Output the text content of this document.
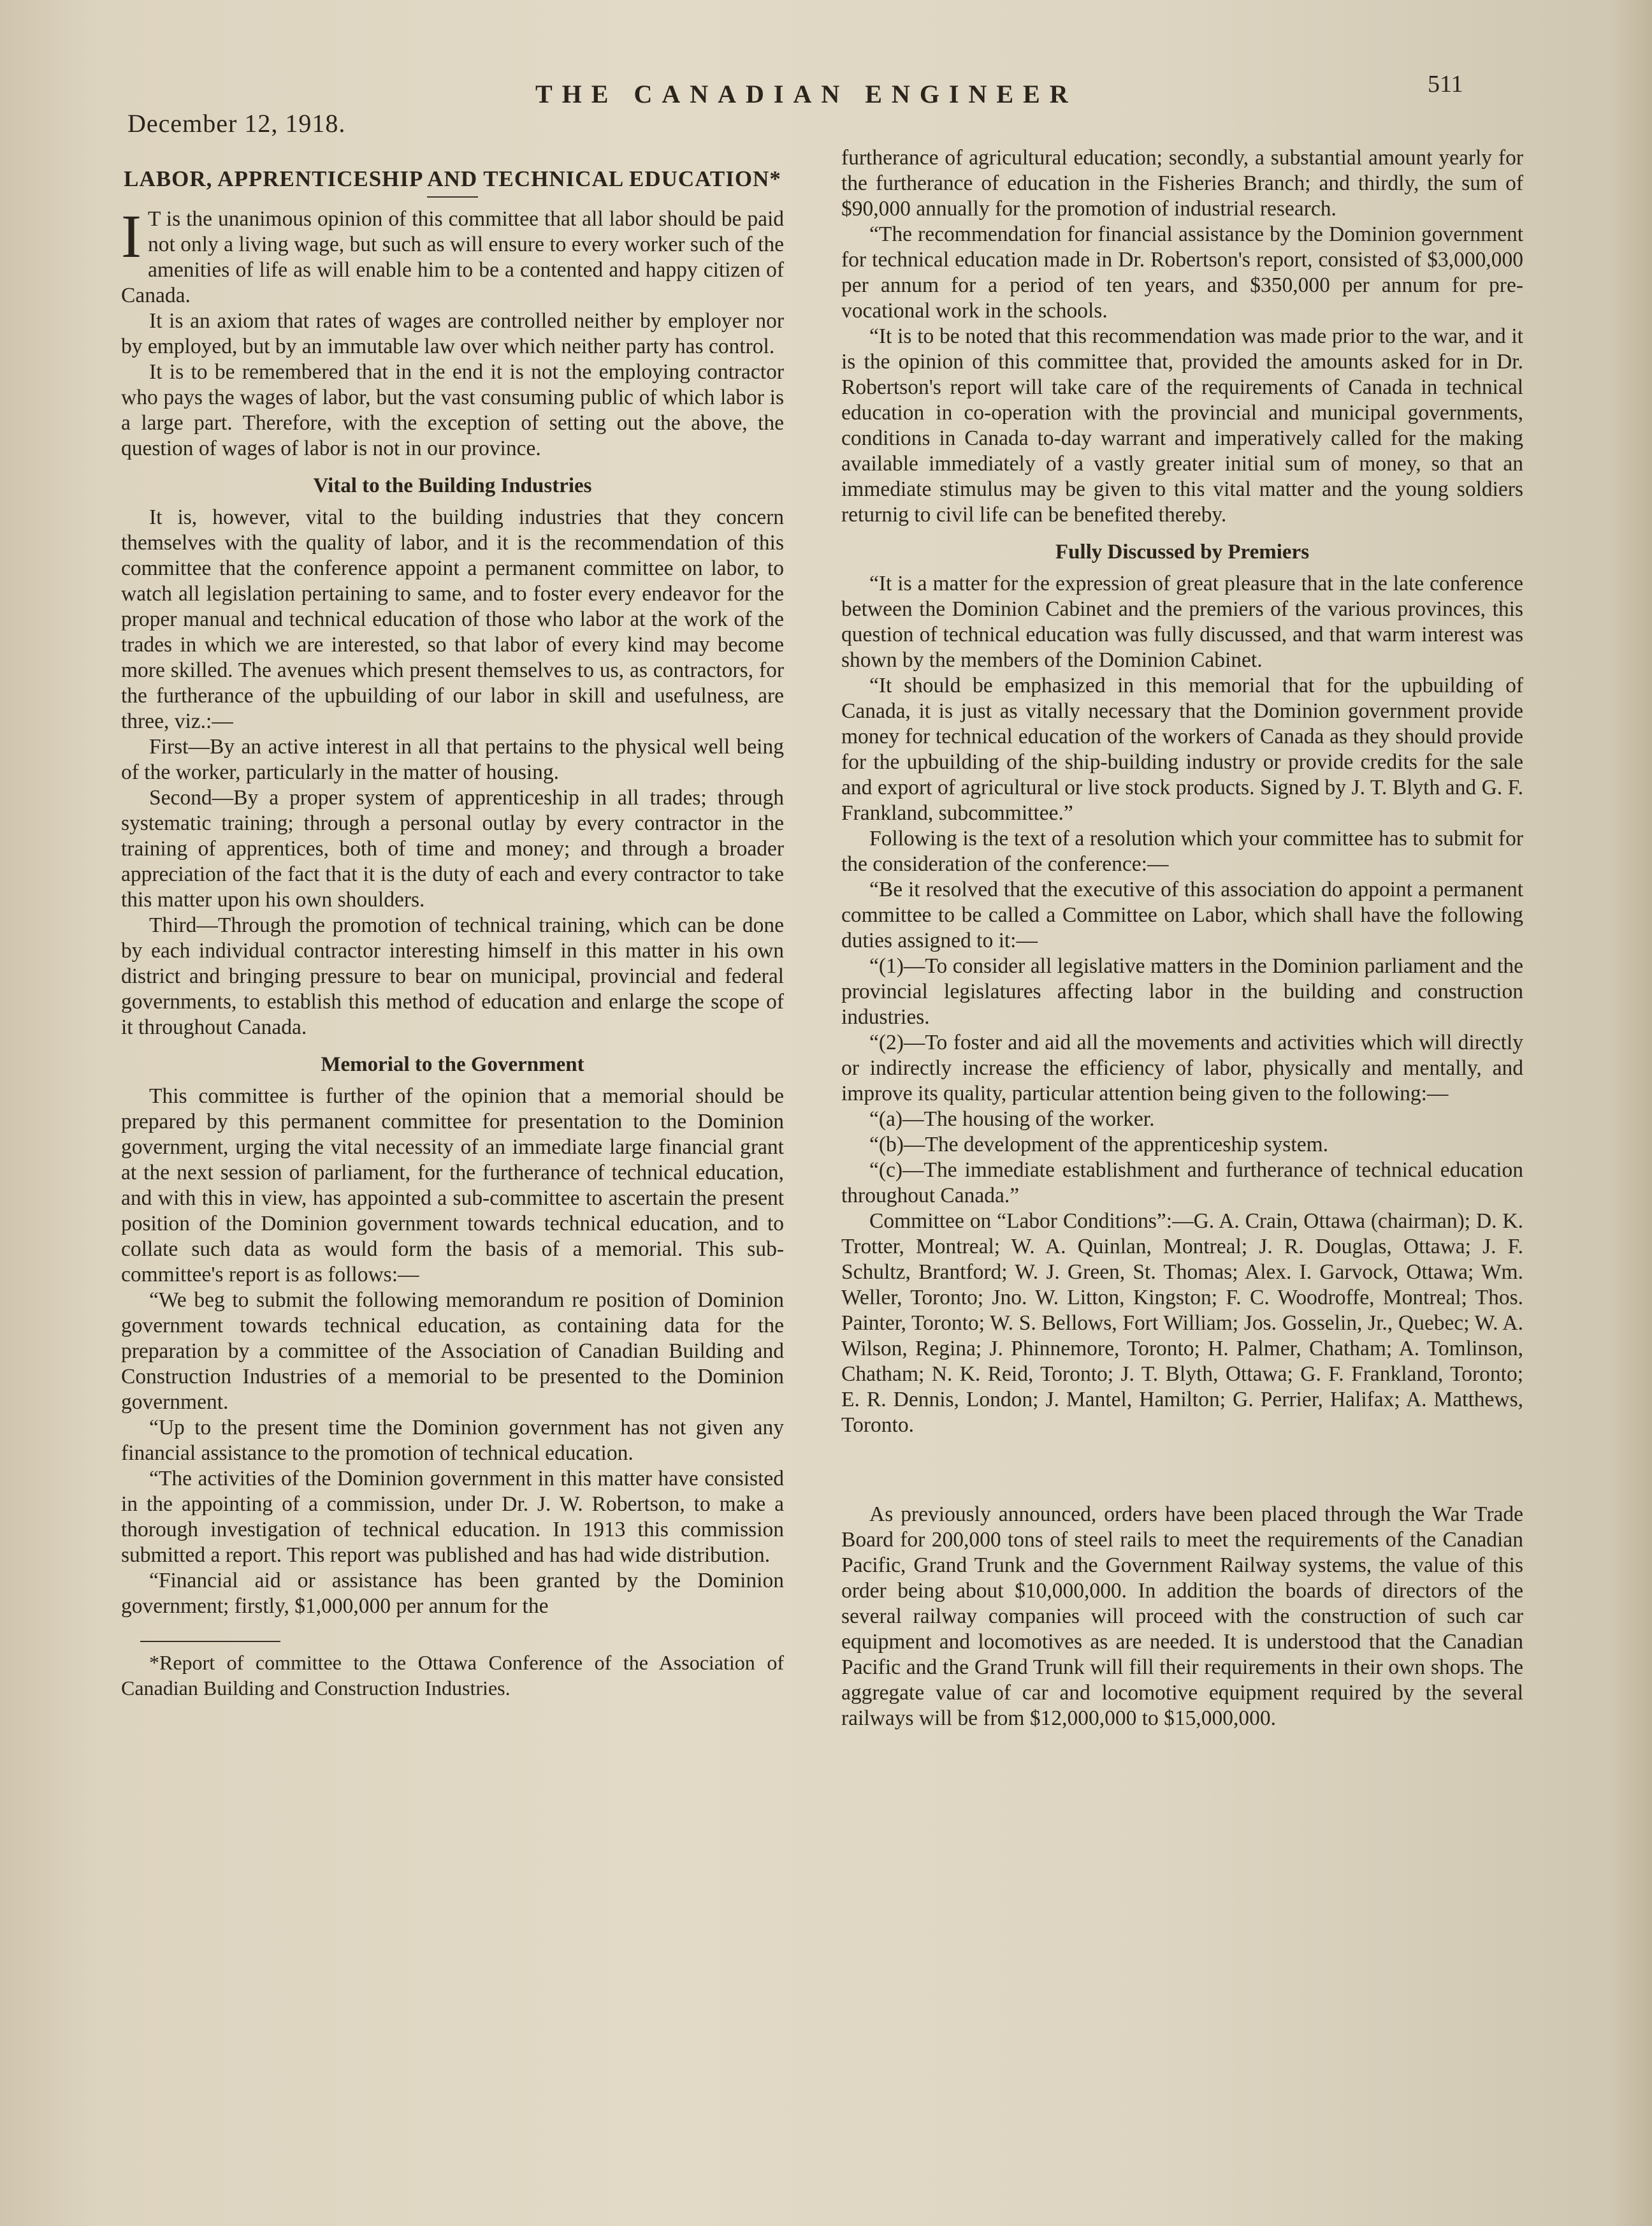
December 12, 1918.
THE CANADIAN ENGINEER	511
LABOR, APPRENTICESHIP AND TECHNICAL EDUCATION*

I T is the unanimous opinion of this committee that all labor should be paid not only a living wage, but such as will ensure to every worker such of the amenities of life as will enable him to be a contented and happy citizen of Canada.

It is an axiom that rates of wages are controlled neither by employer nor by employed, but by an immutable law over which neither party has control.

It is to be remembered that in the end it is not the employing contractor who pays the wages of labor, but the vast consuming public of which labor is a large part. Therefore, with the exception of setting out the above, the question of wages of labor is not in our province.

Vital to the Building Industries

It is, however, vital to the building industries that they concern themselves with the quality of labor, and it is the recommendation of this committee that the conference appoint a permanent committee on labor, to watch all legislation pertaining to same, and to foster every endeavor for the proper manual and technical education of those who labor at the work of the trades in which we are interested, so that labor of every kind may become more skilled. The avenues which present themselves to us, as contractors, for the furtherance of the upbuilding of our labor in skill and usefulness, are three, viz.:—

First—By an active interest in all that pertains to the physical well being of the worker, particularly in the matter of housing.

Second—By a proper system of apprenticeship in all trades; through systematic training; through a personal outlay by every contractor in the training of apprentices, both of time and money; and through a broader appreciation of the fact that it is the duty of each and every contractor to take this matter upon his own shoulders.

Third—Through the promotion of technical training, which can be done by each individual contractor interesting himself in this matter in his own district and bringing pressure to bear on municipal, provincial and federal governments, to establish this method of education and enlarge the scope of it throughout Canada.

Memorial to the Government

This committee is further of the opinion that a memorial should be prepared by this permanent committee for presentation to the Dominion government, urging the vital necessity of an immediate large financial grant at the next session of parliament, for the furtherance of technical education, and with this in view, has appointed a sub-committee to ascertain the present position of the Dominion government towards technical education, and to collate such data as would form the basis of a memorial. This sub-committee's report is as follows:—

“We beg to submit the following memorandum re position of Dominion government towards technical education, as containing data for the preparation by a committee of the Association of Canadian Building and Construction Industries of a memorial to be presented to the Dominion government.

“Up to the present time the Dominion government has not given any financial assistance to the promotion of technical education.

“The activities of the Dominion government in this matter have consisted in the appointing of a commission, under Dr. J. W. Robertson, to make a thorough investigation of technical education. In 1913 this commission submitted a report. This report was published and has had wide distribution.

“Financial aid or assistance has been granted by the Dominion government; firstly, $1,000,000 per annum for the

*Report of committee to the Ottawa Conference of the Association of Canadian Building and Construction Industries.

furtherance of agricultural education; secondly, a substantial amount yearly for the furtherance of education in the Fisheries Branch; and thirdly, the sum of $90,000 annually for the promotion of industrial research.

“The recommendation for financial assistance by the Dominion government for technical education made in Dr. Robertson's report, consisted of $3,000,000 per annum for a period of ten years, and $350,000 per annum for pre-vocational work in the schools.

“It is to be noted that this recommendation was made prior to the war, and it is the opinion of this committee that, provided the amounts asked for in Dr. Robertson's report will take care of the requirements of Canada in technical education in co-operation with the provincial and municipal governments, conditions in Canada to-day warrant and imperatively called for the making available immediately of a vastly greater initial sum of money, so that an immediate stimulus may be given to this vital matter and the young soldiers returnig to civil life can be benefited thereby.

Fully Discussed by Premiers

“It is a matter for the expression of great pleasure that in the late conference between the Dominion Cabinet and the premiers of the various provinces, this question of technical education was fully discussed, and that warm interest was shown by the members of the Dominion Cabinet.

“It should be emphasized in this memorial that for the upbuilding of Canada, it is just as vitally necessary that the Dominion government provide money for technical education of the workers of Canada as they should provide for the upbuilding of the ship-building industry or provide credits for the sale and export of agricultural or live stock products. Signed by J. T. Blyth and G. F. Frankland, subcommittee.”

Following is the text of a resolution which your committee has to submit for the consideration of the conference:—

“Be it resolved that the executive of this association do appoint a permanent committee to be called a Committee on Labor, which shall have the following duties assigned to it:—

“(1)—To consider all legislative matters in the Dominion parliament and the provincial legislatures affecting labor in the building and construction industries.

“(2)—To foster and aid all the movements and activities which will directly or indirectly increase the efficiency of labor, physically and mentally, and improve its quality, particular attention being given to the following:—

“(a)—The housing of the worker.

“(b)—The development of the apprenticeship system.

“(c)—The immediate establishment and furtherance of technical education throughout Canada.”

Committee on “Labor Conditions”:—G. A. Crain, Ottawa (chairman); D. K. Trotter, Montreal; W. A. Quinlan, Montreal; J. R. Douglas, Ottawa; J. F. Schultz, Brantford; W. J. Green, St. Thomas; Alex. I. Garvock, Ottawa; Wm. Weller, Toronto; Jno. W. Litton, Kingston; F. C. Woodroffe, Montreal; Thos. Painter, Toronto; W. S. Bellows, Fort William; Jos. Gosselin, Jr., Quebec; W. A. Wilson, Regina; J. Phinnemore, Toronto; H. Palmer, Chatham; A. Tomlinson, Chatham; N. K. Reid, Toronto; J. T. Blyth, Ottawa; G. F. Frankland, Toronto; E. R. Dennis, London; J. Mantel, Hamilton; G. Perrier, Halifax; A. Matthews, Toronto.

As previously announced, orders have been placed through the War Trade Board for 200,000 tons of steel rails to meet the requirements of the Canadian Pacific, Grand Trunk and the Government Railway systems, the value of this order being about $10,000,000. In addition the boards of directors of the several railway companies will proceed with the construction of such car equipment and locomotives as are needed. It is understood that the Canadian Pacific and the Grand Trunk will fill their requirements in their own shops. The aggregate value of car and locomotive equipment required by the several railways will be from $12,000,000 to $15,000,000.
